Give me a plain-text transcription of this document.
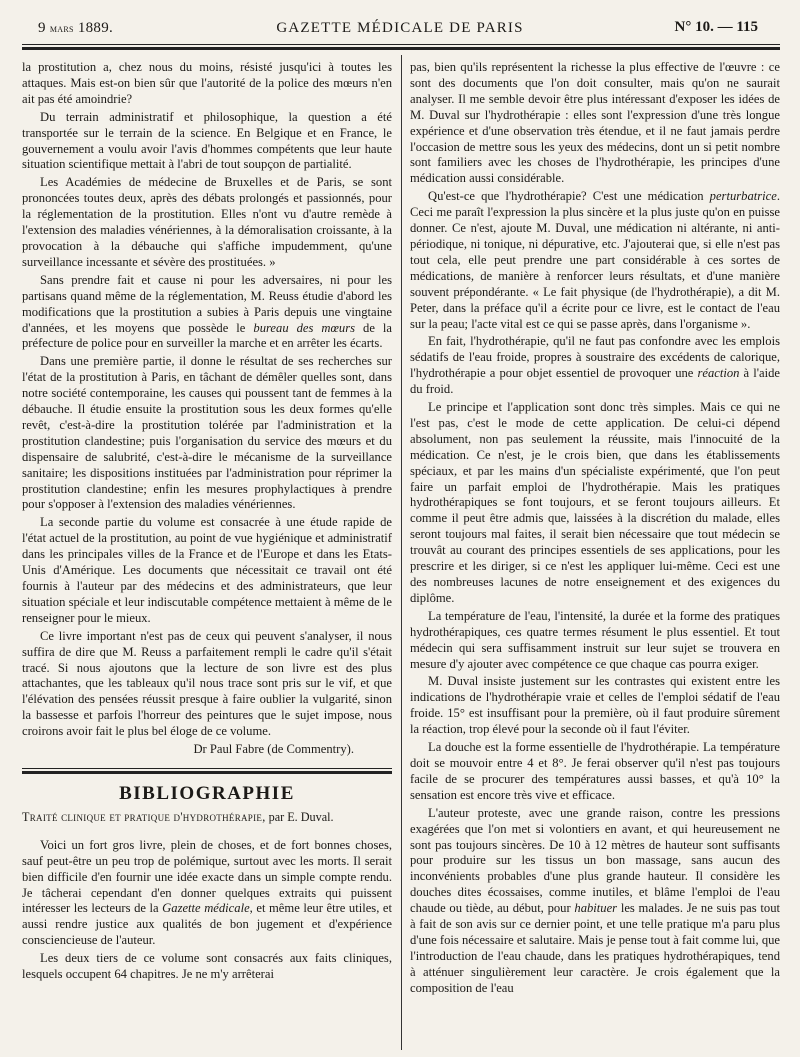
9 mars 1889.	GAZETTE MÉDICALE DE PARIS	N° 10. — 115

la prostitution a, chez nous du moins, résisté jusqu'ici à toutes les attaques. Mais est-on bien sûr que l'autorité de la police des mœurs n'en ait pas été amoindrie?

Du terrain administratif et philosophique, la question a été transportée sur le terrain de la science. En Belgique et en France, le gouvernement a voulu avoir l'avis d'hommes compétents que leur haute situation scientifique mettait à l'abri de tout soupçon de partialité.

Les Académies de médecine de Bruxelles et de Paris, se sont prononcées toutes deux, après des débats prolongés et passionnés, pour la réglementation de la prostitution. Elles n'ont vu d'autre remède à l'extension des maladies vénériennes, à la démoralisation croissante, à la provocation à la débauche qui s'affiche impudemment, qu'une surveillance incessante et sévère des prostituées. »

Sans prendre fait et cause ni pour les adversaires, ni pour les partisans quand même de la réglementation, M. Reuss étudie d'abord les modifications que la prostitution a subies à Paris depuis une vingtaine d'années, et les moyens que possède le bureau des mœurs de la préfecture de police pour en surveiller la marche et en arrêter les écarts.

Dans une première partie, il donne le résultat de ses recherches sur l'état de la prostitution à Paris, en tâchant de démêler quelles sont, dans notre société contemporaine, les causes qui poussent tant de femmes à la débauche. Il étudie ensuite la prostitution sous les deux formes qu'elle revêt, c'est-à-dire la prostitution tolérée par l'administration et la prostitution clandestine; puis l'organisation du service des mœurs et du dispensaire de salubrité, c'est-à-dire le mécanisme de la surveillance sanitaire; les dispositions instituées par l'administration pour réprimer la prostitution clandestine; enfin les mesures prophylactiques à prendre pour s'opposer à l'extension des maladies vénériennes.

La seconde partie du volume est consacrée à une étude rapide de l'état actuel de la prostitution, au point de vue hygiénique et administratif dans les principales villes de la France et de l'Europe et dans les Etats-Unis d'Amérique. Les documents que nécessitait ce travail ont été fournis à l'auteur par des médecins et des administrateurs, que leur situation spéciale et leur indiscutable compétence mettaient à même de le renseigner pour le mieux.

Ce livre important n'est pas de ceux qui peuvent s'analyser, il nous suffira de dire que M. Reuss a parfaitement rempli le cadre qu'il s'était tracé. Si nous ajoutons que la lecture de son livre est des plus attachantes, que les tableaux qu'il nous trace sont pris sur le vif, et que l'élévation des pensées réussit presque à faire oublier la vulgarité, sinon la bassesse et parfois l'horreur des peintures que le sujet impose, nous croirons avoir fait le plus bel éloge de ce volume.

Dr Paul Fabre (de Commentry).

BIBLIOGRAPHIE

Traité clinique et pratique d'hydrothérapie, par E. Duval.

Voici un fort gros livre, plein de choses, et de fort bonnes choses, sauf peut-être un peu trop de polémique, surtout avec les morts. Il serait bien difficile d'en fournir une idée exacte dans un simple compte rendu. Je tâcherai cependant d'en donner quelques extraits qui puissent intéresser les lecteurs de la Gazette médicale, et même leur être utiles, et aussi rendre justice aux qualités de bon jugement et d'expérience consciencieuse de l'auteur.

Les deux tiers de ce volume sont consacrés aux faits cliniques, lesquels occupent 64 chapitres. Je ne m'y arrêterai

pas, bien qu'ils représentent la richesse la plus effective de l'œuvre : ce sont des documents que l'on doit consulter, mais qu'on ne saurait analyser. Il me semble devoir être plus intéressant d'exposer les idées de M. Duval sur l'hydrothérapie : elles sont l'expression d'une très longue expérience et d'une observation très étendue, et il ne faut jamais perdre l'occasion de mettre sous les yeux des médecins, dont un si petit nombre sont familiers avec les choses de l'hydrothérapie, les principes d'une médication aussi considérable.

Qu'est-ce que l'hydrothérapie? C'est une médication perturbatrice. Ceci me paraît l'expression la plus sincère et la plus juste qu'on en puisse donner. Ce n'est, ajoute M. Duval, une médication ni altérante, ni anti-périodique, ni tonique, ni dépurative, etc. J'ajouterai que, si elle n'est pas tout cela, elle peut prendre une part considérable à ces sortes de médications, de manière à renforcer leurs résultats, et d'une manière souvent prépondérante. « Le fait physique (de l'hydrothérapie), a dit M. Peter, dans la préface qu'il a écrite pour ce livre, est le contact de l'eau sur la peau; l'acte vital est ce qui se passe après, dans l'organisme ».

En fait, l'hydrothérapie, qu'il ne faut pas confondre avec les emplois sédatifs de l'eau froide, propres à soustraire des excédents de calorique, l'hydrothérapie a pour objet essentiel de provoquer une réaction à l'aide du froid.

Le principe et l'application sont donc très simples. Mais ce qui ne l'est pas, c'est le mode de cette application. De celui-ci dépend absolument, non pas seulement la réussite, mais l'innocuité de la médication. Ce n'est, je le crois bien, que dans les établissements spéciaux, et par les mains d'un spécialiste expérimenté, que l'on peut faire un parfait emploi de l'hydrothérapie. Mais les pratiques hydrothérapiques se font toujours, et se feront toujours ailleurs. Et comme il peut être admis que, laissées à la discrétion du malade, elles seront toujours mal faites, il serait bien nécessaire que tout médecin se trouvât au courant des principes essentiels de ses applications, pour les prescrire et les diriger, si ce n'est les appliquer lui-même. Ceci est une des nombreuses lacunes de notre enseignement et des exigences du diplôme.

La température de l'eau, l'intensité, la durée et la forme des pratiques hydrothérapiques, ces quatre termes résument le plus essentiel. Et tout médecin qui sera suffisamment instruit sur leur sujet se trouvera en mesure d'y ajouter avec compétence ce que chaque cas pourra exiger.

M. Duval insiste justement sur les contrastes qui existent entre les indications de l'hydrothérapie vraie et celles de l'emploi sédatif de l'eau froide. 15° est insuffisant pour la première, où il faut produire sûrement la réaction, trop élevé pour la seconde où il faut l'éviter.

La douche est la forme essentielle de l'hydrothérapie. La température doit se mouvoir entre 4 et 8°. Je ferai observer qu'il n'est pas toujours facile de se procurer des températures aussi basses, et qu'à 10° la sensation est encore très vive et efficace.

L'auteur proteste, avec une grande raison, contre les pressions exagérées que l'on met si volontiers en avant, et qui heureusement ne sont pas toujours sincères. De 10 à 12 mètres de hauteur sont suffisants pour produire sur les tissus un bon massage, sans aucun des inconvénients probables d'une plus grande hauteur. Il considère les douches dites écossaises, comme inutiles, et blâme l'emploi de l'eau chaude ou tiède, au début, pour habituer les malades. Je ne suis pas tout à fait de son avis sur ce dernier point, et une telle pratique m'a paru plus d'une fois nécessaire et salutaire. Mais je pense tout à fait comme lui, que l'introduction de l'eau chaude, dans les pratiques hydrothérapiques, tend à atténuer singulièrement leur caractère. Je crois également que la composition de l'eau
